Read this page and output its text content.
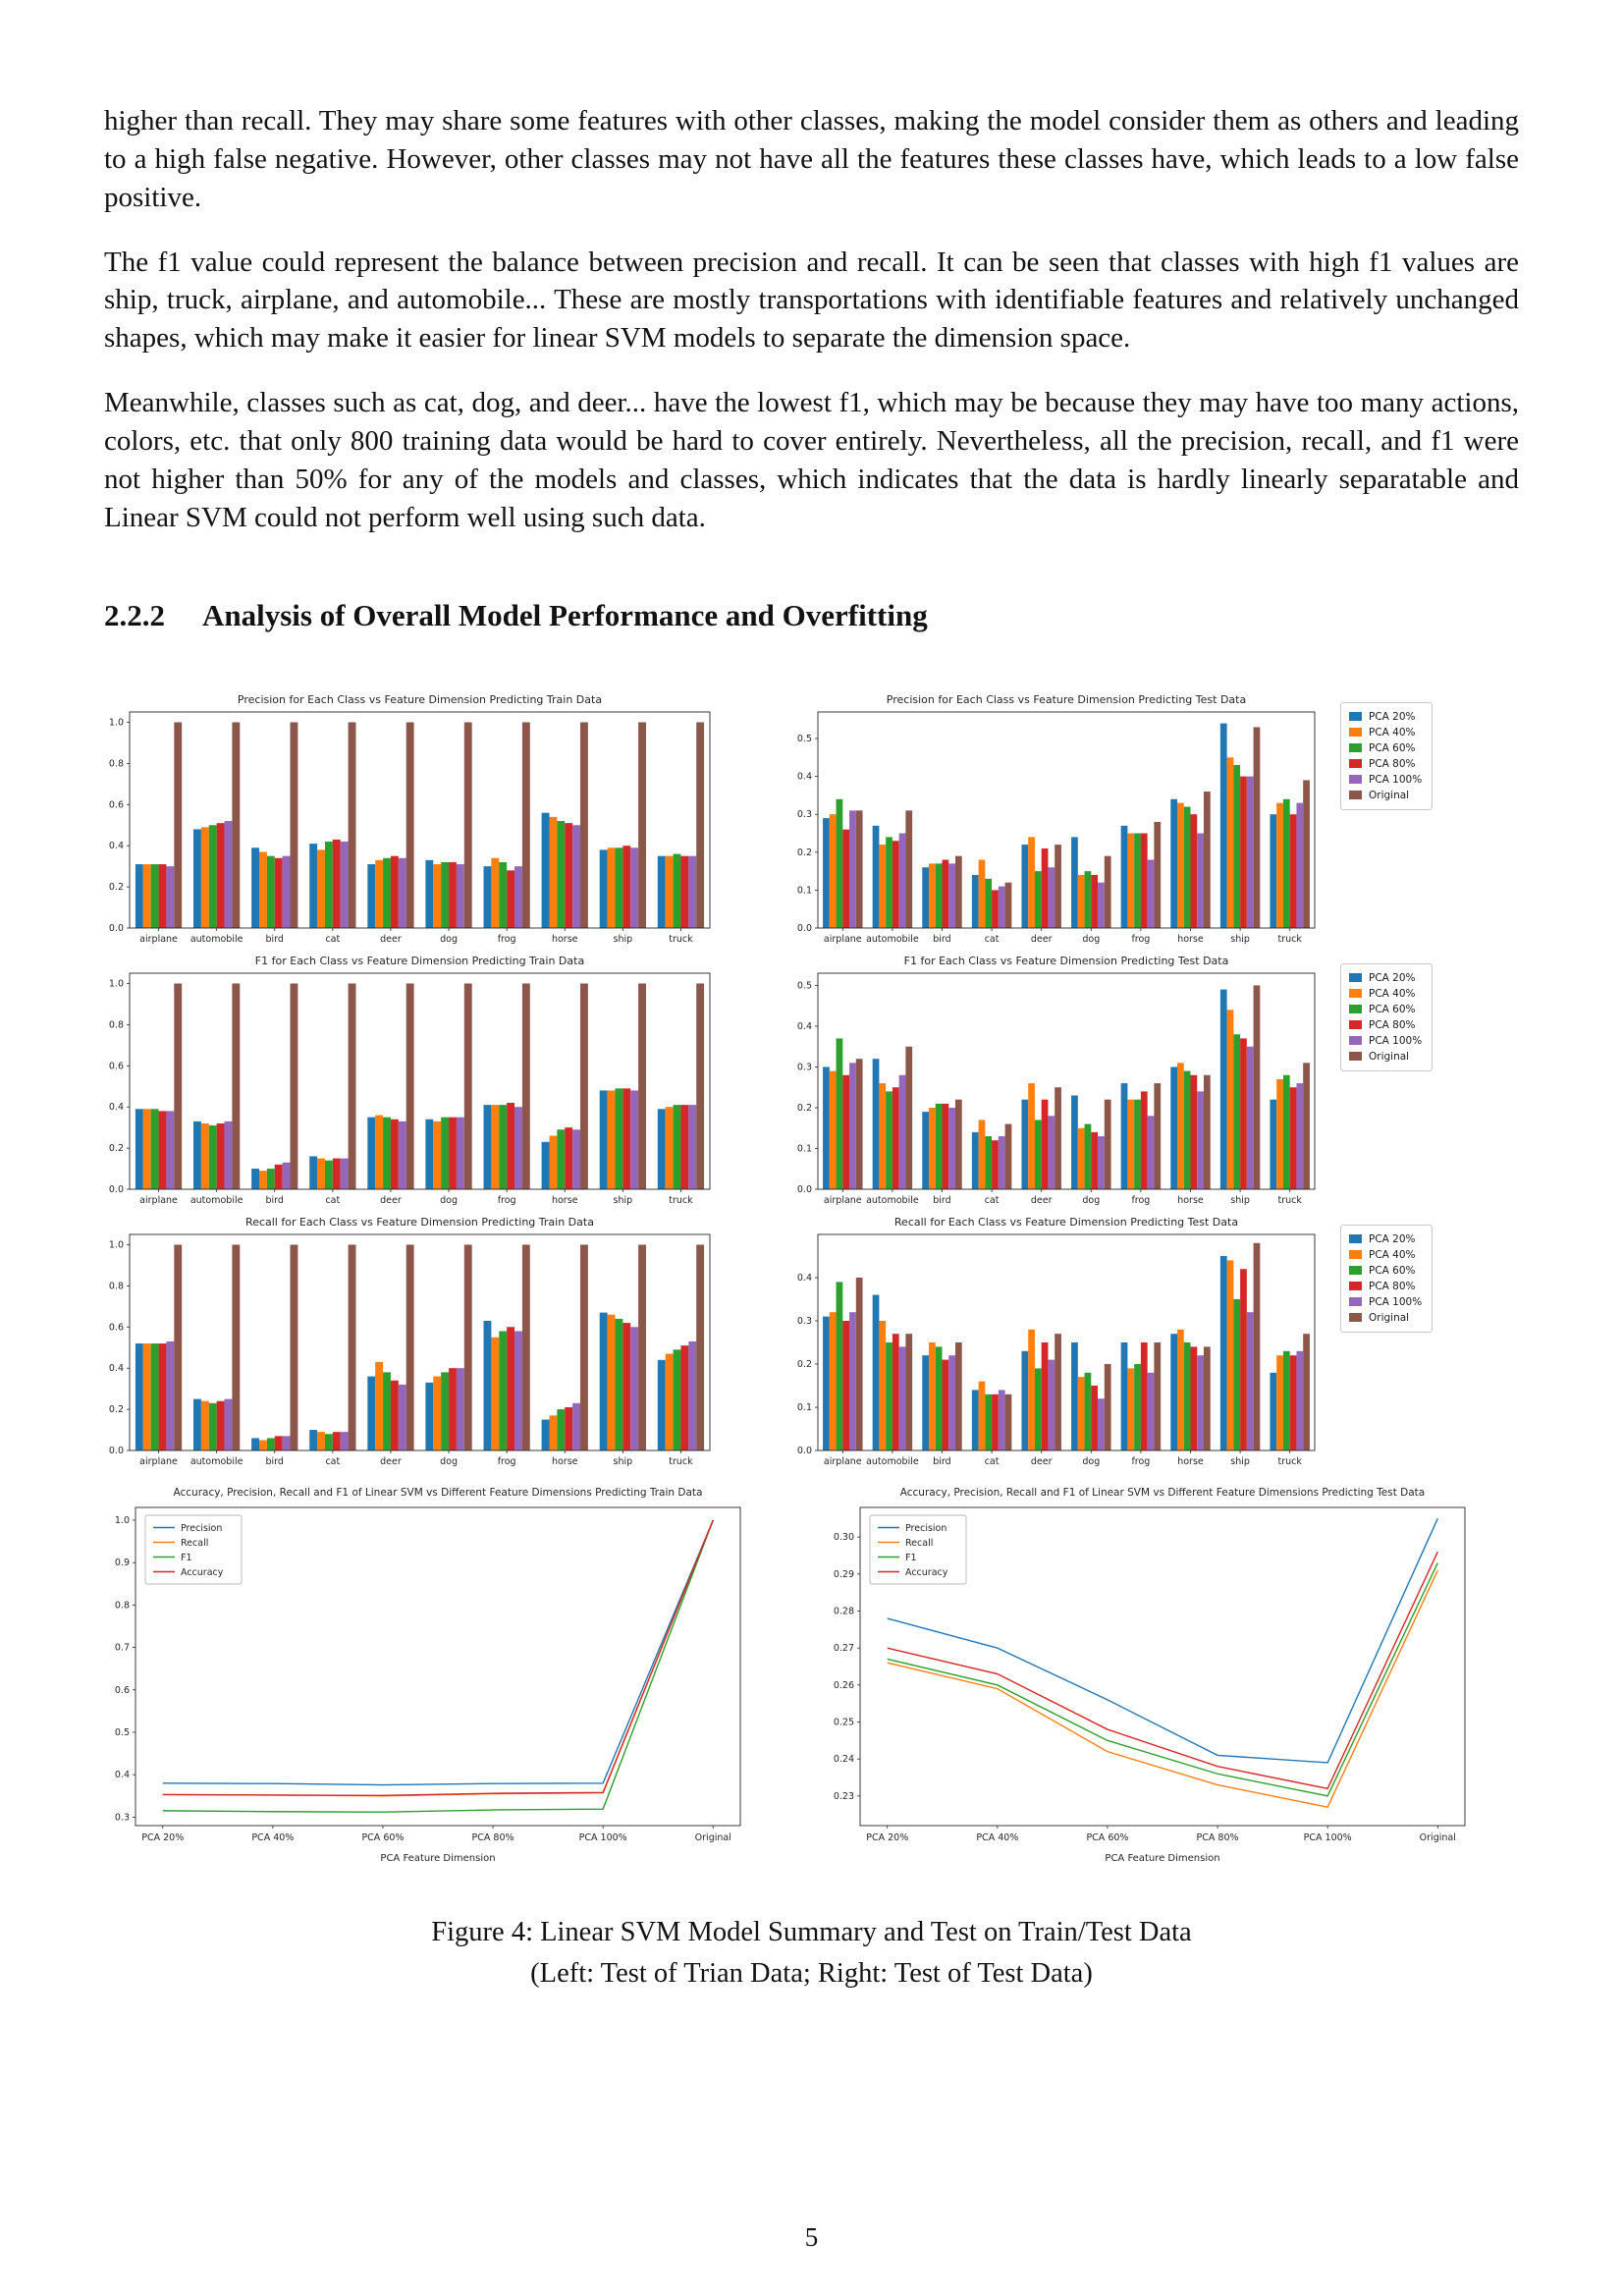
higher than recall. They may share some features with other classes, making the model consider them as others and leading to a high false negative. However, other classes may not have all the features these classes have, which leads to a low false positive.

The f1 value could represent the balance between precision and recall. It can be seen that classes with high f1 values are ship, truck, airplane, and automobile... These are mostly transportations with identifiable features and relatively unchanged shapes, which may make it easier for linear SVM models to separate the dimension space.

Meanwhile, classes such as cat, dog, and deer... have the lowest f1, which may be because they may have too many actions, colors, etc. that only 800 training data would be hard to cover entirely. Nevertheless, all the precision, recall, and f1 were not higher than 50% for any of the models and classes, which indicates that the data is hardly linearly separatable and Linear SVM could not perform well using such data.

2.2.2 Analysis of Overall Model Performance and Overfitting
Precision for Each Class vs Feature Dimension Predicting Train Data
0.0
0.2
0.4
0.6
0.8
1.0
airplane automobile bird	cat	deer	dog	frog	horse	ship	truck
Precision for Each Class vs Feature Dimension Predicting Test Data
0.0
0.1
0.2
0.3
0.4
0.5
airplane automobile bird	cat	deer	dog	frog	horse	ship	truck
PCA 20%
PCA 40%
PCA 60%
PCA 80%
PCA 100%
Original
F1 for Each Class vs Feature Dimension Predicting Train Data
0.0
0.2
0.4
0.6
0.8
1.0
airplane automobile bird	cat	deer	dog	frog	horse	ship	truck
F1 for Each Class vs Feature Dimension Predicting Test Data
0.0
0.1
0.2
0.3
0.4
0.5
airplane automobile bird	cat	deer	dog	frog	horse	ship	truck
PCA 20%
PCA 40%
PCA 60%
PCA 80%
PCA 100%
Original
Recall for Each Class vs Feature Dimension Predicting Train Data
0.0
0.2
0.4
0.6
0.8
1.0
airplane automobile bird	cat	deer	dog	frog	horse	ship	truck
Recall for Each Class vs Feature Dimension Predicting Test Data
0.0
0.1
0.2
0.3
0.4
airplane automobile bird	cat	deer	dog	frog	horse	ship	truck
PCA 20%
PCA 40%
PCA 60%
PCA 80%
PCA 100%
Original
Accuracy, Precision, Recall and F1 of Linear SVM vs Different Feature Dimensions Predicting Train Data
0.3
0.4
0.5
0.6
0.7
0.8
0.9
1.0
PCA 20%	PCA 40%	PCA 60%	PCA 80%	PCA 100%	Original
PCA Feature Dimension
Precision
Recall
F1
Accuracy
Accuracy, Precision, Recall and F1 of Linear SVM vs Different Feature Dimensions Predicting Test Data
0.23
0.24
0.25
0.26
0.27
0.28
0.29
0.30
PCA 20%	PCA 40%	PCA 60%	PCA 80%	PCA 100%	Original
PCA Feature Dimension
Precision
Recall
F1
Accuracy
Figure 4: Linear SVM Model Summary and Test on Train/Test Data
(Left: Test of Trian Data; Right: Test of Test Data)
5
